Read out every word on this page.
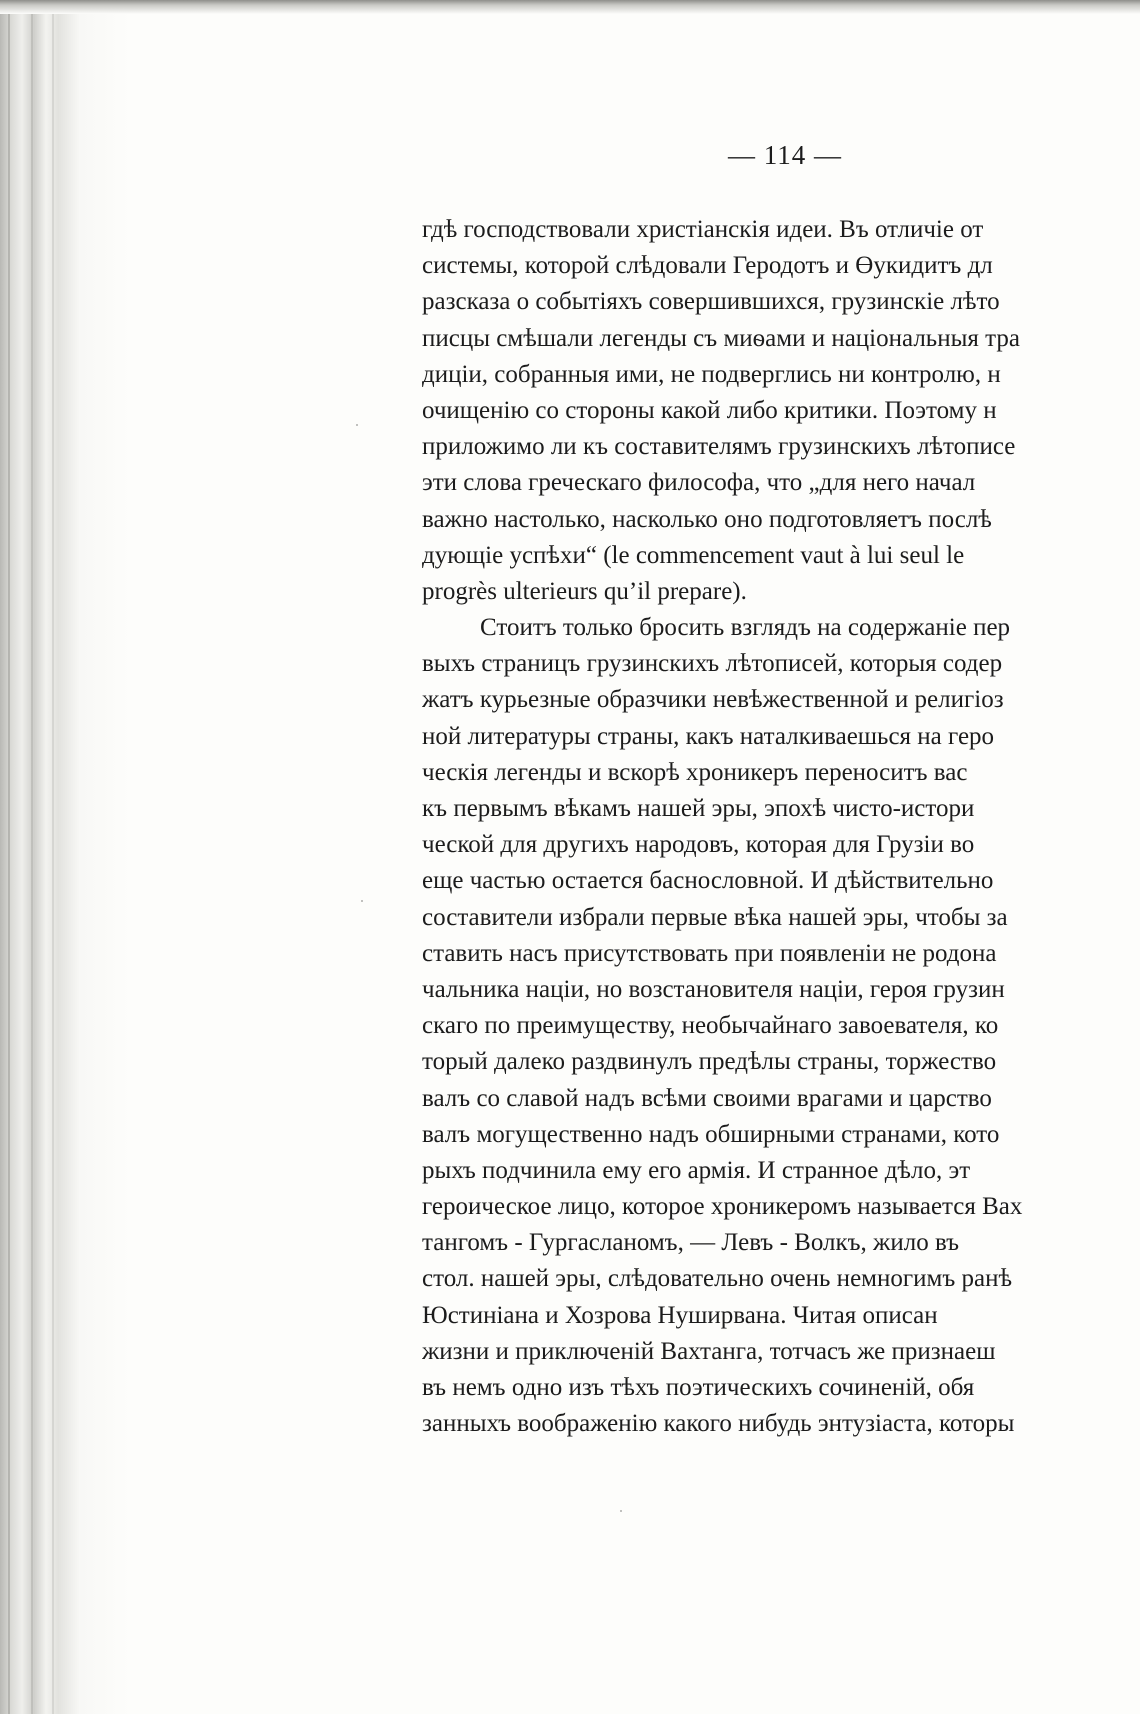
— 114 —
гдѣ господствовали христіанскія идеи. Въ отличіе от
системы, которой слѣдовали Геродотъ и Өукидитъ дл
разсказа о событіяхъ совершившихся, грузинскіе лѣто
писцы смѣшали легенды съ миѳами и національныя тра
диціи, собранныя ими, не подверглись ни контролю, н
очищенію со стороны какой либо критики. Поэтому н
приложимо ли къ составителямъ грузинскихъ лѣтописе
эти слова греческаго философа, что „для него начал
важно настолько, насколько оно подготовляетъ послѣ
дующіе успѣхи“ (le commencement vaut à lui seul le
progrès ulterieurs qu’il prepare).
Стоитъ только бросить взглядъ на содержаніе пер
выхъ страницъ грузинскихъ лѣтописей, которыя содер
жатъ курьезные образчики невѣжественной и религіоз
ной литературы страны, какъ наталкиваешься на геро
ческія легенды и вскорѣ хроникеръ переноситъ вас
къ первымъ вѣкамъ нашей эры, эпохѣ чисто-истори
ческой для другихъ народовъ, которая для Грузіи во
еще частью остается баснословной. И дѣйствительно
составители избрали первые вѣка нашей эры, чтобы за
ставить насъ присутствовать при появленіи не родона
чальника націи, но возстановителя націи, героя грузин
скаго по преимуществу, необычайнаго завоевателя, ко
торый далеко раздвинулъ предѣлы страны, торжество
валъ со славой надъ всѣми своими врагами и царство
валъ могущественно надъ обширными странами, кото
рыхъ подчинила ему его армія. И странное дѣло, эт
героическое лицо, которое хроникеромъ называется Вах
тангомъ - Гургасланомъ, — Левъ - Волкъ, жило въ
стол. нашей эры, слѣдовательно очень немногимъ ранѣ
Юстиніана и Хозрова Нуширвана. Читая описан
жизни и приключеній Вахтанга, тотчасъ же признаеш
въ немъ одно изъ тѣхъ поэтическихъ сочиненій, обя
занныхъ воображенію какого нибудь энтузіаста, которы
